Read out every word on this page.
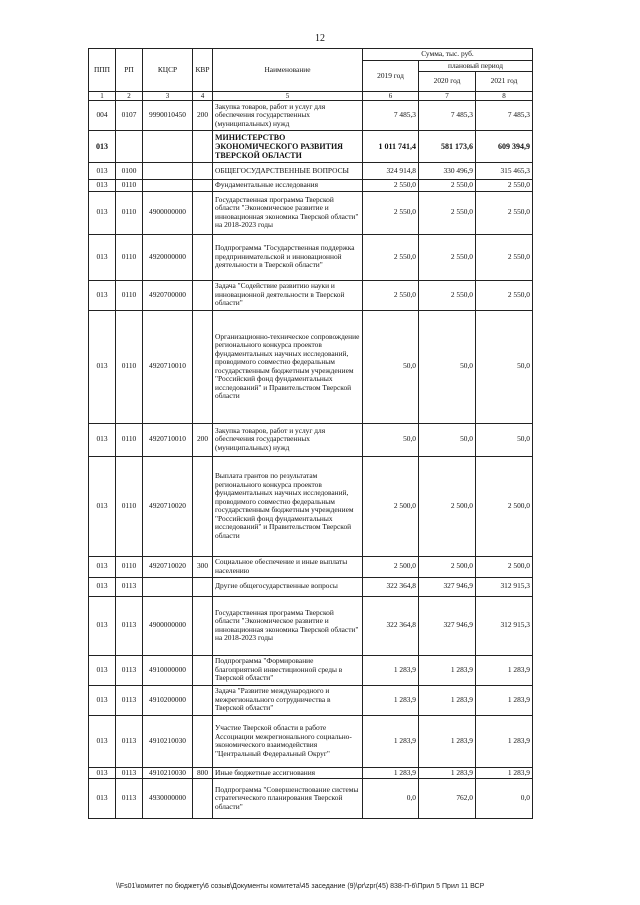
12
ППП	РП	КЦСР	КВР	Наименование	Сумма, тыс. руб.		
					2019 год	плановый период	
						2020 год	2021 год
1	2	3	4	5	6	7	8
004	0107	9990010450	200	Закупка товаров, работ и услуг для обеспечения государственных (муниципальных) нужд	7 485,3	7 485,3	7 485,3
013				МИНИСТЕРСТВО ЭКОНОМИЧЕСКОГО РАЗВИТИЯ ТВЕРСКОЙ ОБЛАСТИ	1 011 741,4	581 173,6	609 394,9
013	0100			ОБЩЕГОСУДАРСТВЕННЫЕ ВОПРОСЫ	324 914,8	330 496,9	315 465,3
013	0110			Фундаментальные исследования	2 550,0	2 550,0	2 550,0
013	0110	4900000000		Государственная программа Тверской области "Экономическое развитие и инновационная экономика Тверской области" на 2018-2023 годы	2 550,0	2 550,0	2 550,0
013	0110	4920000000		Подпрограмма "Государственная поддержка предпринимательской и инновационной деятельности в Тверской области"	2 550,0	2 550,0	2 550,0
013	0110	4920700000		Задача "Содействие развитию науки и инновационной деятельности в Тверской области"	2 550,0	2 550,0	2 550,0
013	0110	4920710010		Организационно-техническое сопровождение регионального конкурса проектов фундаментальных научных исследований, проводимого совместно федеральным государственным бюджетным учреждением "Российский фонд фундаментальных исследований" и Правительством Тверской области	50,0	50,0	50,0
013	0110	4920710010	200	Закупка товаров, работ и услуг для обеспечения государственных (муниципальных) нужд	50,0	50,0	50,0
013	0110	4920710020		Выплата грантов по результатам регионального конкурса проектов фундаментальных научных исследований, проводимого совместно федеральным государственным бюджетным учреждением "Российский фонд фундаментальных исследований" и Правительством Тверской области	2 500,0	2 500,0	2 500,0
013	0110	4920710020	300	Социальное обеспечение и иные выплаты населению	2 500,0	2 500,0	2 500,0
013	0113			Другие общегосударственные вопросы	322 364,8	327 946,9	312 915,3
013	0113	4900000000		Государственная программа Тверской области "Экономическое развитие и инновационная экономика Тверской области" на 2018-2023 годы	322 364,8	327 946,9	312 915,3
013	0113	4910000000		Подпрограмма "Формирование благоприятной инвестиционной среды в Тверской области"	1 283,9	1 283,9	1 283,9
013	0113	4910200000		Задача "Развитие международного и межрегионального сотрудничества в Тверской области"	1 283,9	1 283,9	1 283,9
013	0113	4910210030		Участие Тверской области в работе Ассоциации межрегионального социально-экономического взаимодействия "Центральный Федеральный Округ"	1 283,9	1 283,9	1 283,9
013	0113	4910210030	800	Иные бюджетные ассигнования	1 283,9	1 283,9	1 283,9
013	0113	4930000000		Подпрограмма "Совершенствование системы стратегического планирования Тверской области"	0,0	762,0	0,0
\\Fs01\комитет по бюджету\6 созыв\Документы комитета\45 заседание (9)\pr\zpr(45) 838-П-6\Прил 5 Прил 11 ВСР
